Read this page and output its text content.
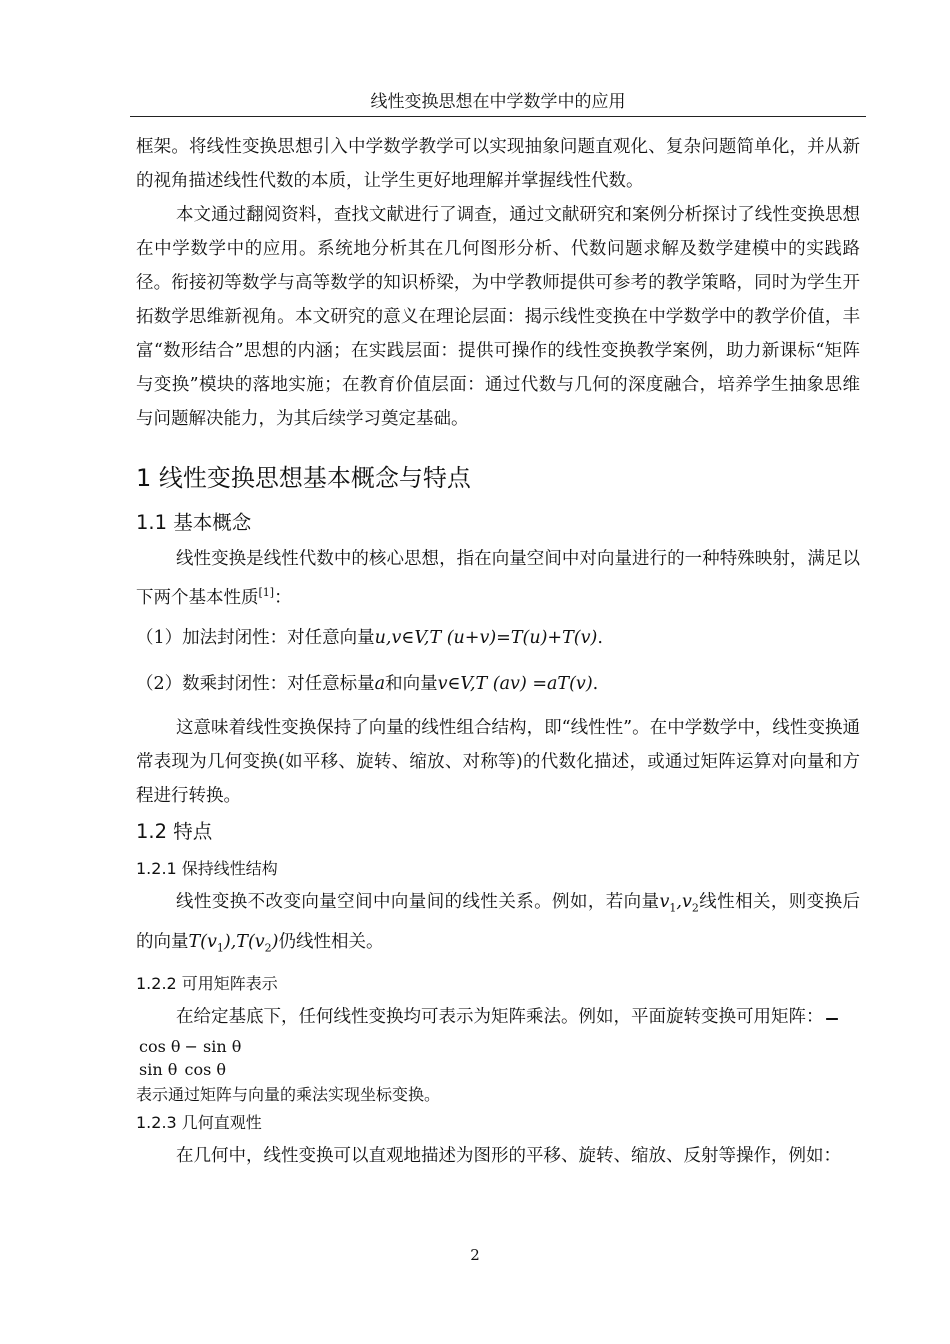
线性变换思想在中学数学中的应用

框架。将线性变换思想引入中学数学教学可以实现抽象问题直观化、复杂问题简单化，并从新的视角描述线性代数的本质，让学生更好地理解并掌握线性代数。

本文通过翻阅资料，查找文献进行了调查，通过文献研究和案例分析探讨了线性变换思想在中学数学中的应用。系统地分析其在几何图形分析、代数问题求解及数学建模中的实践路径。衔接初等数学与高等数学的知识桥梁，为中学教师提供可参考的教学策略，同时为学生开拓数学思维新视角。本文研究的意义在理论层面：揭示线性变换在中学数学中的教学价值，丰富“数形结合”思想的内涵；在实践层面：提供可操作的线性变换教学案例，助力新课标“矩阵与变换”模块的落地实施；在教育价值层面：通过代数与几何的深度融合，培养学生抽象思维与问题解决能力，为其后续学习奠定基础。

1 线性变换思想基本概念与特点
1.1 基本概念

线性变换是线性代数中的核心思想，指在向量空间中对向量进行的一种特殊映射，满足以下两个基本性质[1]：

（1）加法封闭性：对任意向量u,v∈V,T (u+v)=T(u)+T(v).
（2）数乘封闭性：对任意标量a和向量v∈V,T (av) =aT(v).

这意味着线性变换保持了向量的线性组合结构，即“线性性”。在中学数学中，线性变换通常表现为几何变换(如平移、旋转、缩放、对称等)的代数化描述，或通过矩阵运算对向量和方程进行转换。

1.2 特点
1.2.1 保持线性结构

线性变换不改变向量空间中向量间的线性关系。例如，若向量$v_1,v_2$线性相关，则变换后的向量$T(v_1),T(v_2)$仍线性相关。

1.2.2 可用矩阵表示

在给定基底下，任何线性变换均可表示为矩阵乘法。例如，平面旋转变换可用矩阵：

cos θ	− sin θ
sin θ	cos θ
表示通过矩阵与向量的乘法实现坐标变换。

1.2.3 几何直观性

在几何中，线性变换可以直观地描述为图形的平移、旋转、缩放、反射等操作，例如：

2
